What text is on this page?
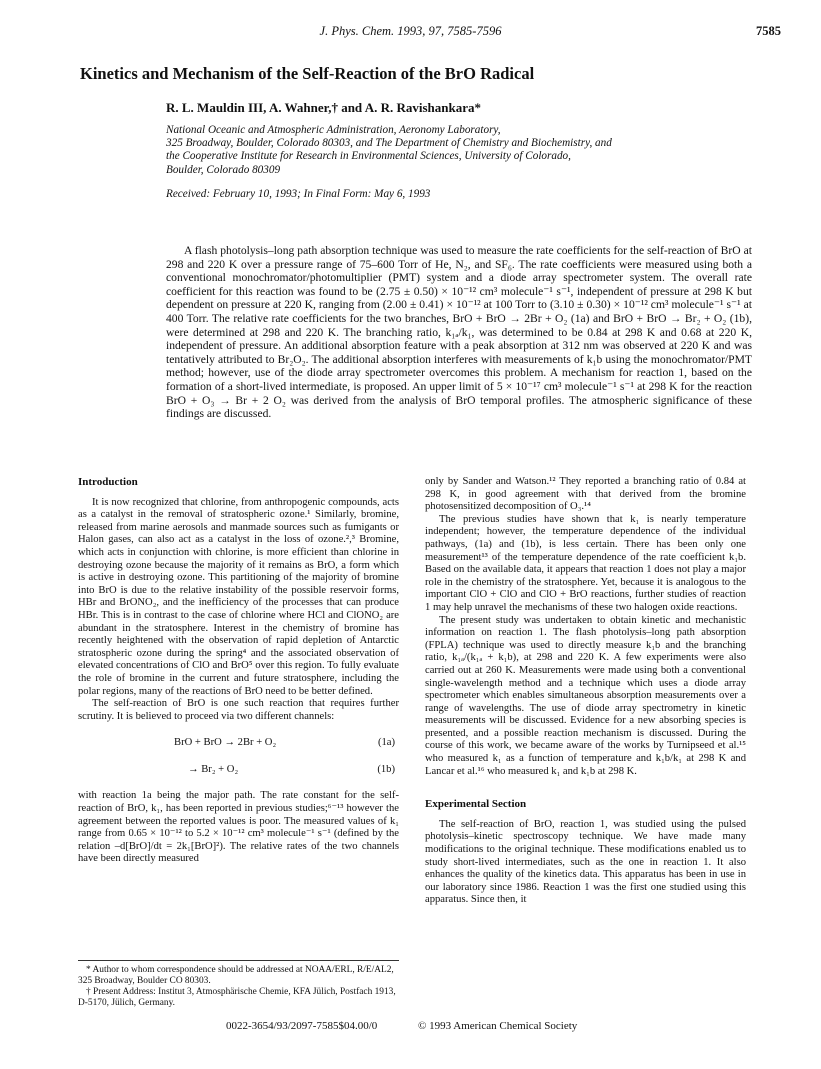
J. Phys. Chem. 1993, 97, 7585-7596	7585
Kinetics and Mechanism of the Self-Reaction of the BrO Radical
R. L. Mauldin III, A. Wahner,† and A. R. Ravishankara*
National Oceanic and Atmospheric Administration, Aeronomy Laboratory,
325 Broadway, Boulder, Colorado 80303, and The Department of Chemistry and Biochemistry, and
the Cooperative Institute for Research in Environmental Sciences, University of Colorado,
Boulder, Colorado 80309
Received: February 10, 1993; In Final Form: May 6, 1993
A flash photolysis–long path absorption technique was used to measure the rate coefficients for the self-reaction of BrO at 298 and 220 K over a pressure range of 75–600 Torr of He, N₂, and SF₆. The rate coefficients were measured using both a conventional monochromator/photomultiplier (PMT) system and a diode array spectrometer system. The overall rate coefficient for this reaction was found to be (2.75 ± 0.50) × 10⁻¹² cm³ molecule⁻¹ s⁻¹, independent of pressure at 298 K but dependent on pressure at 220 K, ranging from (2.00 ± 0.41) × 10⁻¹² at 100 Torr to (3.10 ± 0.30) × 10⁻¹² cm³ molecule⁻¹ s⁻¹ at 400 Torr. The relative rate coefficients for the two branches, BrO + BrO → 2Br + O₂ (1a) and BrO + BrO → Br₂ + O₂ (1b), were determined at 298 and 220 K. The branching ratio, k₁ₐ/k₁, was determined to be 0.84 at 298 K and 0.68 at 220 K, independent of pressure. An additional absorption feature with a peak absorption at 312 nm was observed at 220 K and was tentatively attributed to Br₂O₂. The additional absorption interferes with measurements of k₁b using the monochromator/PMT method; however, use of the diode array spectrometer overcomes this problem. A mechanism for reaction 1, based on the formation of a short-lived intermediate, is proposed. An upper limit of 5 × 10⁻¹⁷ cm³ molecule⁻¹ s⁻¹ at 298 K for the reaction BrO + O₃ → Br + 2 O₂ was derived from the analysis of BrO temporal profiles. The atmospheric significance of these findings are discussed.
Introduction

It is now recognized that chlorine, from anthropogenic compounds, acts as a catalyst in the removal of stratospheric ozone.¹ Similarly, bromine, released from marine aerosols and manmade sources such as fumigants or Halon gases, can also act as a catalyst in the loss of ozone.²,³ Bromine, which acts in conjunction with chlorine, is more efficient than chlorine in destroying ozone because the majority of it remains as BrO, a form which is active in destroying ozone. This partitioning of the majority of bromine into BrO is due to the relative instability of the possible reservoir forms, HBr and BrONO₂, and the inefficiency of the processes that can produce HBr. This is in contrast to the case of chlorine where HCl and ClONO₂ are abundant in the stratosphere. Interest in the chemistry of bromine has recently heightened with the observation of rapid depletion of Antarctic stratospheric ozone during the spring⁴ and the associated observation of elevated concentrations of ClO and BrO⁵ over this region. To fully evaluate the role of bromine in the current and future stratosphere, including the polar regions, many of the reactions of BrO need to be better defined.

The self-reaction of BrO is one such reaction that requires further scrutiny. It is believed to proceed via two different channels:

BrO + BrO → 2Br + O₂	(1a)
→ Br₂ + O₂	(1b)

with reaction 1a being the major path. The rate constant for the self-reaction of BrO, k₁, has been reported in previous studies;⁶⁻¹³ however the agreement between the reported values is poor. The measured values of k₁ range from 0.65 × 10⁻¹² to 5.2 × 10⁻¹² cm³ molecule⁻¹ s⁻¹ (defined by the relation –d[BrO]/dt = 2k₁[BrO]²). The relative rates of the two channels have been directly measured

* Author to whom correspondence should be addressed at NOAA/ERL, R/E/AL2, 325 Broadway, Boulder CO 80303.

† Present Address: Institut 3, Atmosphärische Chemie, KFA Jülich, Postfach 1913, D-5170, Jülich, Germany.

only by Sander and Watson.¹² They reported a branching ratio of 0.84 at 298 K, in good agreement with that derived from the bromine photosensitized decomposition of O₃.¹⁴

The previous studies have shown that k₁ is nearly temperature independent; however, the temperature dependence of the individual pathways, (1a) and (1b), is less certain. There has been only one measurement¹³ of the temperature dependence of the rate coefficient k₁b. Based on the available data, it appears that reaction 1 does not play a major role in the chemistry of the stratosphere. Yet, because it is analogous to the important ClO + ClO and ClO + BrO reactions, further studies of reaction 1 may help unravel the mechanisms of these two halogen oxide reactions.

The present study was undertaken to obtain kinetic and mechanistic information on reaction 1. The flash photolysis–long path absorption (FPLA) technique was used to directly measure k₁b and the branching ratio, k₁ₐ/(k₁ₐ + k₁b), at 298 and 220 K. A few experiments were also carried out at 260 K. Measurements were made using both a conventional single-wavelength method and a technique which uses a diode array spectrometer which enables simultaneous absorption measurements over a range of wavelengths. The use of diode array spectrometry in kinetic measurements will be discussed. Evidence for a new absorbing species is presented, and a possible reaction mechanism is discussed. During the course of this work, we became aware of the works by Turnipseed et al.¹⁵ who measured k₁ as a function of temperature and k₁b/k₁ at 298 K and Lancar et al.¹⁶ who measured k₁ and k₁b at 298 K.

Experimental Section

The self-reaction of BrO, reaction 1, was studied using the pulsed photolysis–kinetic spectroscopy technique. We have made many modifications to the original technique. These modifications enabled us to study short-lived intermediates, such as the one in reaction 1. It also enhances the quality of the kinetics data. This apparatus has been in use in our laboratory since 1986. Reaction 1 was the first one studied using this apparatus. Since then, it

0022-3654/93/2097-7585$04.00/0	© 1993 American Chemical Society
